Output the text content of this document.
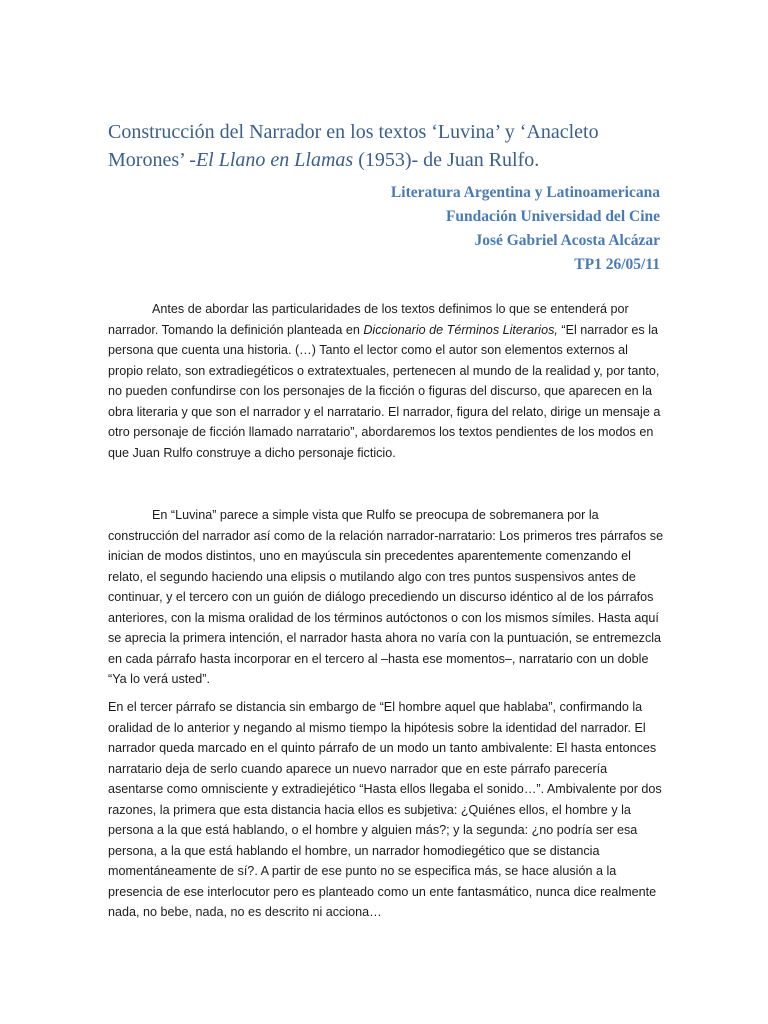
Construcción del Narrador en los textos ‘Luvina’ y ‘Anacleto Morones’ -El Llano en Llamas (1953)- de Juan Rulfo.
Literatura Argentina y Latinoamericana
Fundación Universidad del Cine
José Gabriel Acosta Alcázar
TP1 26/05/11

Antes de abordar las particularidades de los textos definimos lo que se entenderá por narrador. Tomando la definición planteada en Diccionario de Términos Literarios, “El narrador es la persona que cuenta una historia. (…) Tanto el lector como el autor son elementos externos al propio relato, son extradiegéticos o extratextuales, pertenecen al mundo de la realidad y, por tanto, no pueden confundirse con los personajes de la ficción o figuras del discurso, que aparecen en la obra literaria y que son el narrador y el narratario. El narrador, figura del relato, dirige un mensaje a otro personaje de ficción llamado narratario”, abordaremos los textos pendientes de los modos en que Juan Rulfo construye a dicho personaje ficticio.

En “Luvina” parece a simple vista que Rulfo se preocupa de sobremanera por la construcción del narrador así como de la relación narrador-narratario: Los primeros tres párrafos se inician de modos distintos, uno en mayúscula sin precedentes aparentemente comenzando el relato, el segundo haciendo una elipsis o mutilando algo con tres puntos suspensivos antes de continuar, y el tercero con un guión de diálogo precediendo un discurso idéntico al de los párrafos anteriores, con la misma oralidad de los términos autóctonos o con los mismos símiles. Hasta aquí se aprecia la primera intención, el narrador hasta ahora no varía con la puntuación, se entremezcla en cada párrafo hasta incorporar en el tercero al –hasta ese momentos–, narratario con un doble “Ya lo verá usted”.

En el tercer párrafo se distancia sin embargo de “El hombre aquel que hablaba”, confirmando la oralidad de lo anterior y negando al mismo tiempo la hipótesis sobre la identidad del narrador. El narrador queda marcado en el quinto párrafo de un modo un tanto ambivalente: El hasta entonces narratario deja de serlo cuando aparece un nuevo narrador que en este párrafo parecería asentarse como omnisciente y extradiejético “Hasta ellos llegaba el sonido…”. Ambivalente por dos razones, la primera que esta distancia hacia ellos es subjetiva: ¿Quiénes ellos, el hombre y la persona a la que está hablando, o el hombre y alguien más?; y la segunda: ¿no podría ser esa persona, a la que está hablando el hombre, un narrador homodiegético que se distancia momentáneamente de sí?. A partir de ese punto no se especifica más, se hace alusión a la presencia de ese interlocutor pero es planteado como un ente fantasmático, nunca dice realmente nada, no bebe, nada, no es descrito ni acciona…
